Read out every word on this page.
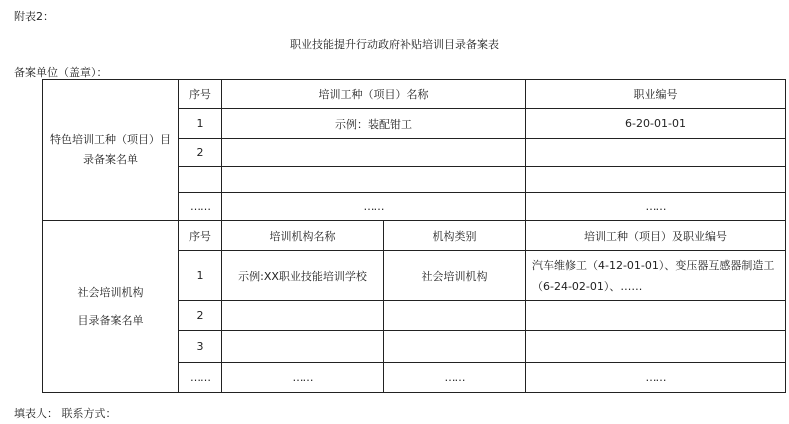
附表2：
职业技能提升行动政府补贴培训目录备案表
备案单位（盖章）：
特色培训工种（项目）目录备案名单	序号	培训工种（项目）名称		职业编号
	1	示例：装配钳工		6-20-01-01
	2			

	……	……		……

社会培训机构
目录备案名单	序号	培训机构名称	机构类别	培训工种（项目）及职业编号
	1	示例:XX职业技能培训学校	社会培训机构	汽车维修工（4-12-01-01）、变压器互感器制造工（6-24-02-01）、……
	2			
	3			
	……	……	……	……
填表人： 联系方式：
